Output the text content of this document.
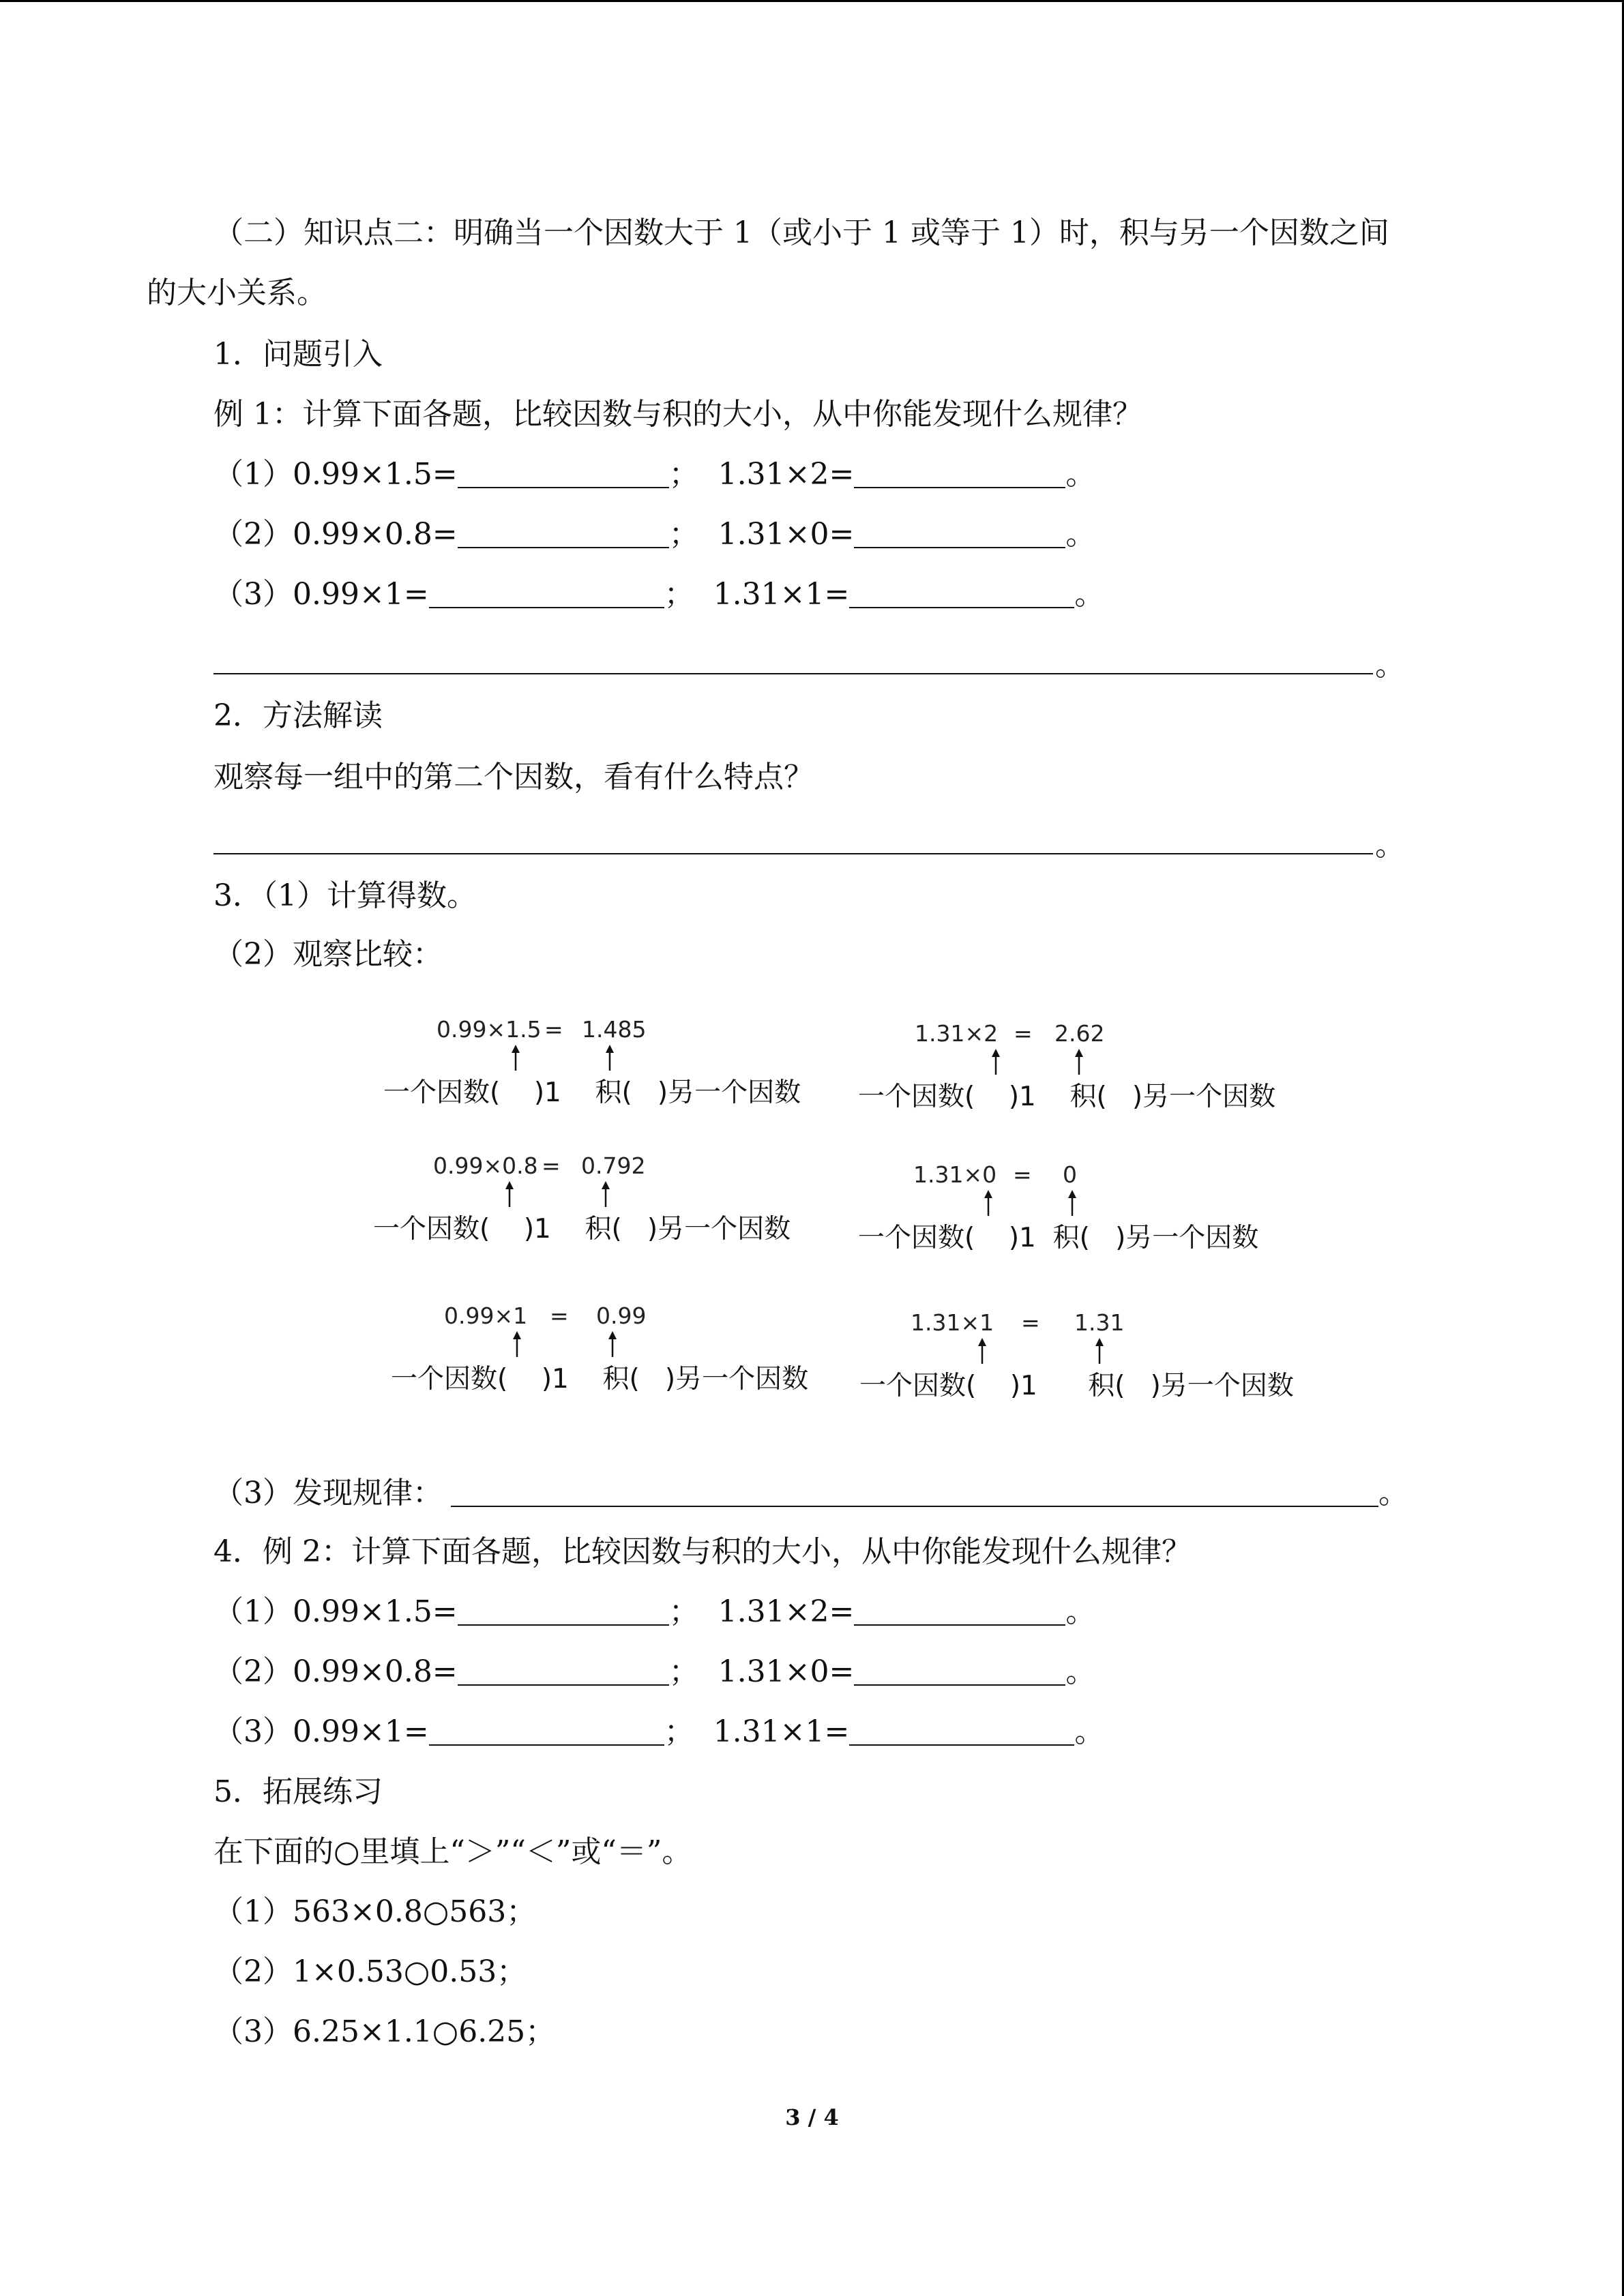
（二）知识点二：明确当一个因数大于 1（或小于 1 或等于 1）时，积与另一个因数之间
的大小关系。
1．问题引入
例 1：计算下面各题，比较因数与积的大小，从中你能发现什么规律？
（1）0.99×1.5=	； 1.31×2=	。
（2）0.99×0.8=	； 1.31×0=	。
（3）0.99×1=	； 1.31×1=	。
。
2．方法解读
观察每一组中的第二个因数，看有什么特点？
。
3．（1）计算得数。
（2）观察比较：
0.99×1.5 = 1.485
一个因数( )1 积( )另一个因数
1.31×2 = 2.62
一个因数( )1 积( )另一个因数
0.99×0.8 = 0.792
一个因数( )1 积( )另一个因数
1.31×0 = 0
一个因数( )1 积( )另一个因数
0.99×1 = 0.99
一个因数( )1 积( )另一个因数
1.31×1 = 1.31
一个因数( )1 积( )另一个因数
（3）发现规律：	。
4．例 2：计算下面各题，比较因数与积的大小，从中你能发现什么规律？
（1）0.99×1.5=	； 1.31×2=	。
（2）0.99×0.8=	； 1.31×0=	。
（3）0.99×1=	； 1.31×1=	。
5．拓展练习
在下面的○里填上“＞”“＜”或“＝”。
（1）563×0.8○563；
（2）1×0.53○0.53；
（3）6.25×1.1○6.25；
3 / 4
